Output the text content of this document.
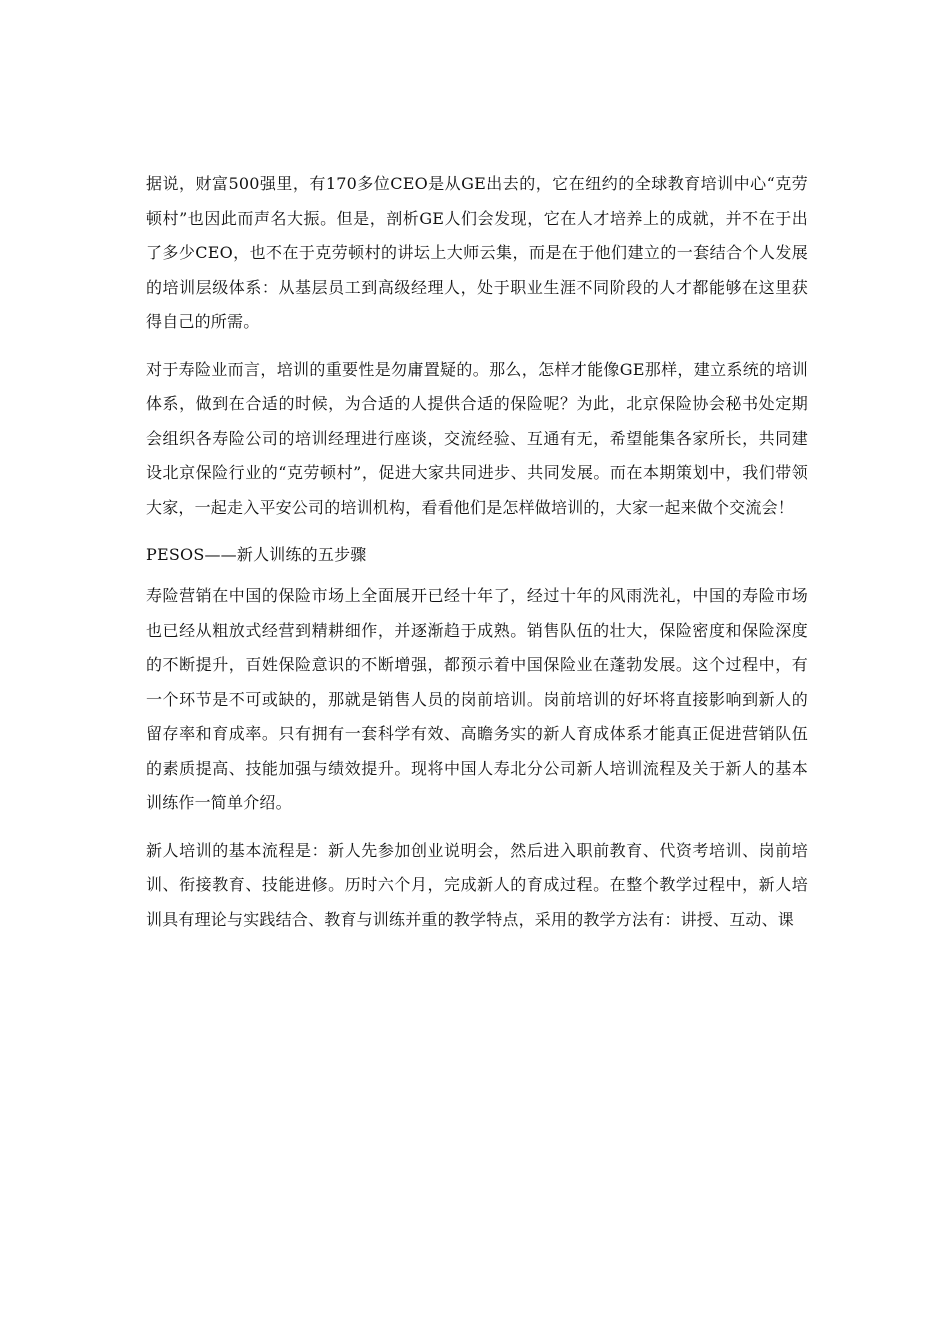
据说，财富500强里，有170多位CEO是从GE出去的，它在纽约的全球教育培训中心“克劳顿村”也因此而声名大振。但是，剖析GE人们会发现，它在人才培养上的成就，并不在于出了多少CEO，也不在于克劳顿村的讲坛上大师云集，而是在于他们建立的一套结合个人发展的培训层级体系：从基层员工到高级经理人，处于职业生涯不同阶段的人才都能够在这里获得自己的所需。

对于寿险业而言，培训的重要性是勿庸置疑的。那么，怎样才能像GE那样，建立系统的培训体系，做到在合适的时候，为合适的人提供合适的保险呢？为此，北京保险协会秘书处定期会组织各寿险公司的培训经理进行座谈，交流经验、互通有无，希望能集各家所长，共同建设北京保险行业的“克劳顿村”，促进大家共同进步、共同发展。而在本期策划中，我们带领大家，一起走入平安公司的培训机构，看看他们是怎样做培训的，大家一起来做个交流会！

PESOS——新人训练的五步骤

寿险营销在中国的保险市场上全面展开已经十年了，经过十年的风雨洗礼，中国的寿险市场也已经从粗放式经营到精耕细作，并逐渐趋于成熟。销售队伍的壮大，保险密度和保险深度的不断提升，百姓保险意识的不断增强，都预示着中国保险业在蓬勃发展。这个过程中，有一个环节是不可或缺的，那就是销售人员的岗前培训。岗前培训的好坏将直接影响到新人的留存率和育成率。只有拥有一套科学有效、高瞻务实的新人育成体系才能真正促进营销队伍的素质提高、技能加强与绩效提升。现将中国人寿北分公司新人培训流程及关于新人的基本训练作一简单介绍。

新人培训的基本流程是：新人先参加创业说明会，然后进入职前教育、代资考培训、岗前培训、衔接教育、技能进修。历时六个月，完成新人的育成过程。在整个教学过程中，新人培训具有理论与实践结合、教育与训练并重的教学特点，采用的教学方法有：讲授、互动、课
